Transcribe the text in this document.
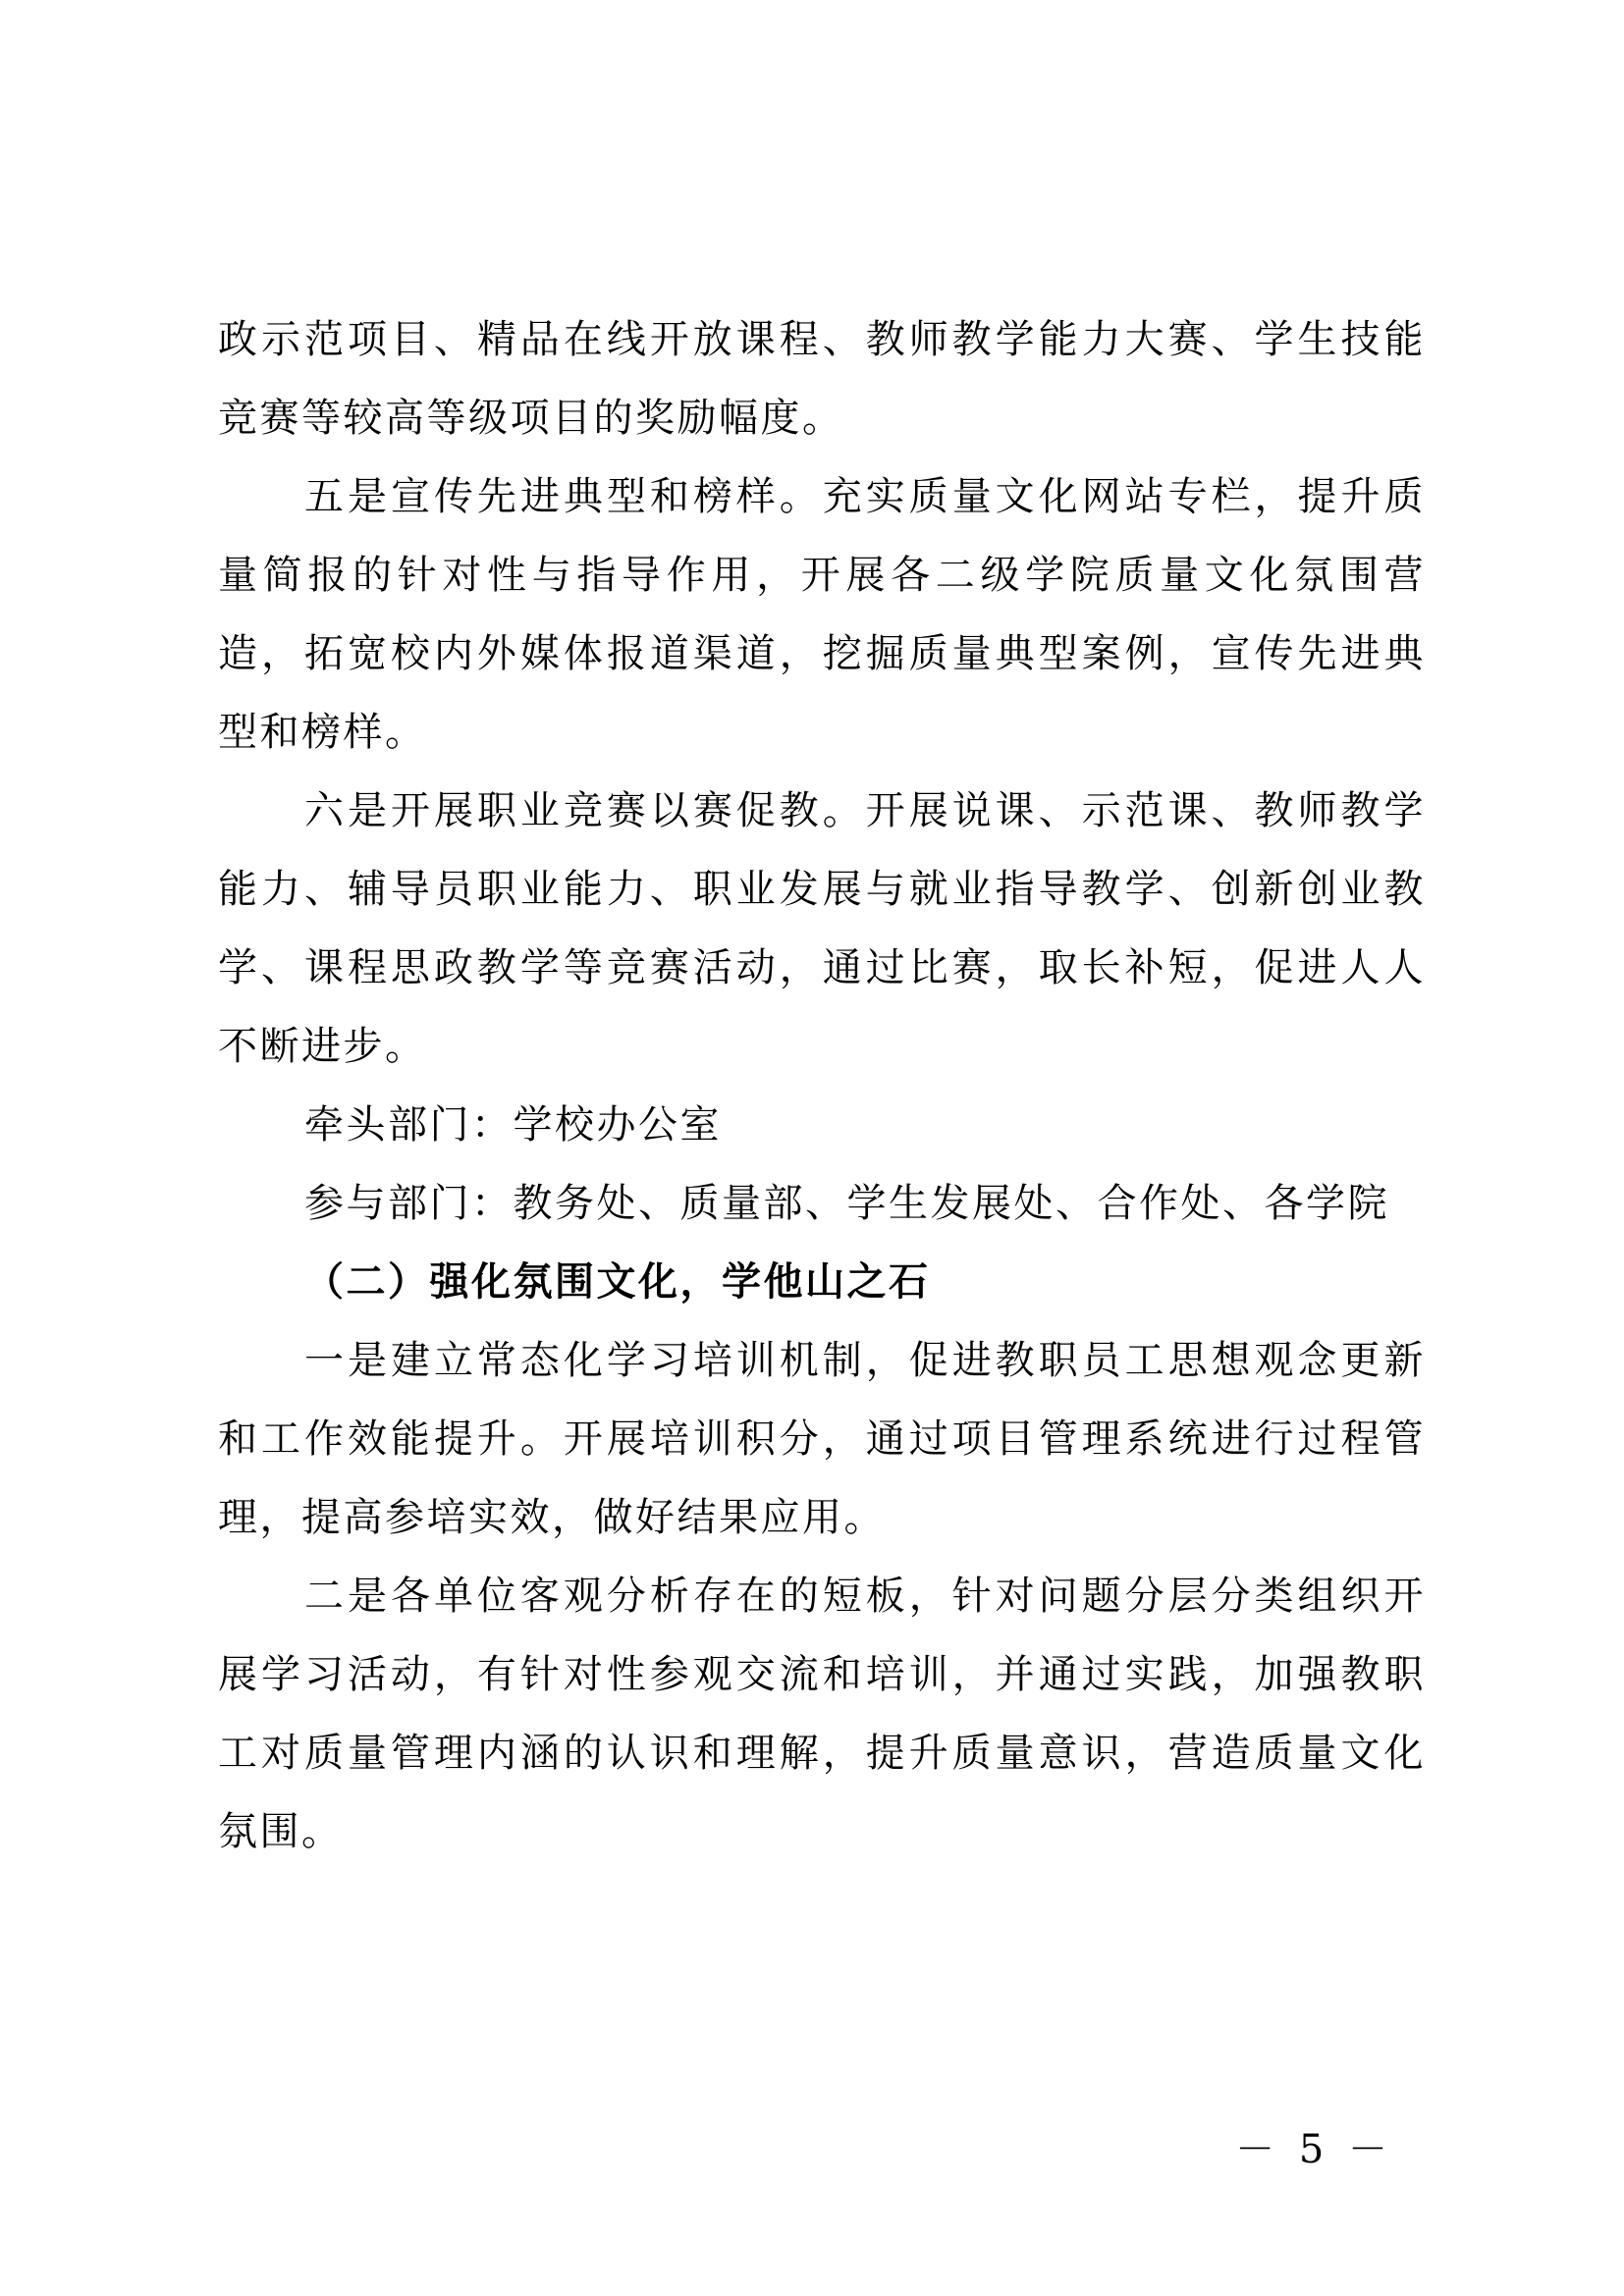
政示范项目、精品在线开放课程、教师教学能力大赛、学生技能竞赛等较高等级项目的奖励幅度。

五是宣传先进典型和榜样。充实质量文化网站专栏，提升质量简报的针对性与指导作用，开展各二级学院质量文化氛围营造，拓宽校内外媒体报道渠道，挖掘质量典型案例，宣传先进典型和榜样。

六是开展职业竞赛以赛促教。开展说课、示范课、教师教学能力、辅导员职业能力、职业发展与就业指导教学、创新创业教学、课程思政教学等竞赛活动，通过比赛，取长补短，促进人人不断进步。

牵头部门：学校办公室

参与部门：教务处、质量部、学生发展处、合作处、各学院

（二）强化氛围文化，学他山之石

一是建立常态化学习培训机制，促进教职员工思想观念更新和工作效能提升。开展培训积分，通过项目管理系统进行过程管理，提高参培实效，做好结果应用。

二是各单位客观分析存在的短板，针对问题分层分类组织开展学习活动，有针对性参观交流和培训，并通过实践，加强教职工对质量管理内涵的认识和理解，提升质量意识，营造质量文化氛围。

－ 5 －
